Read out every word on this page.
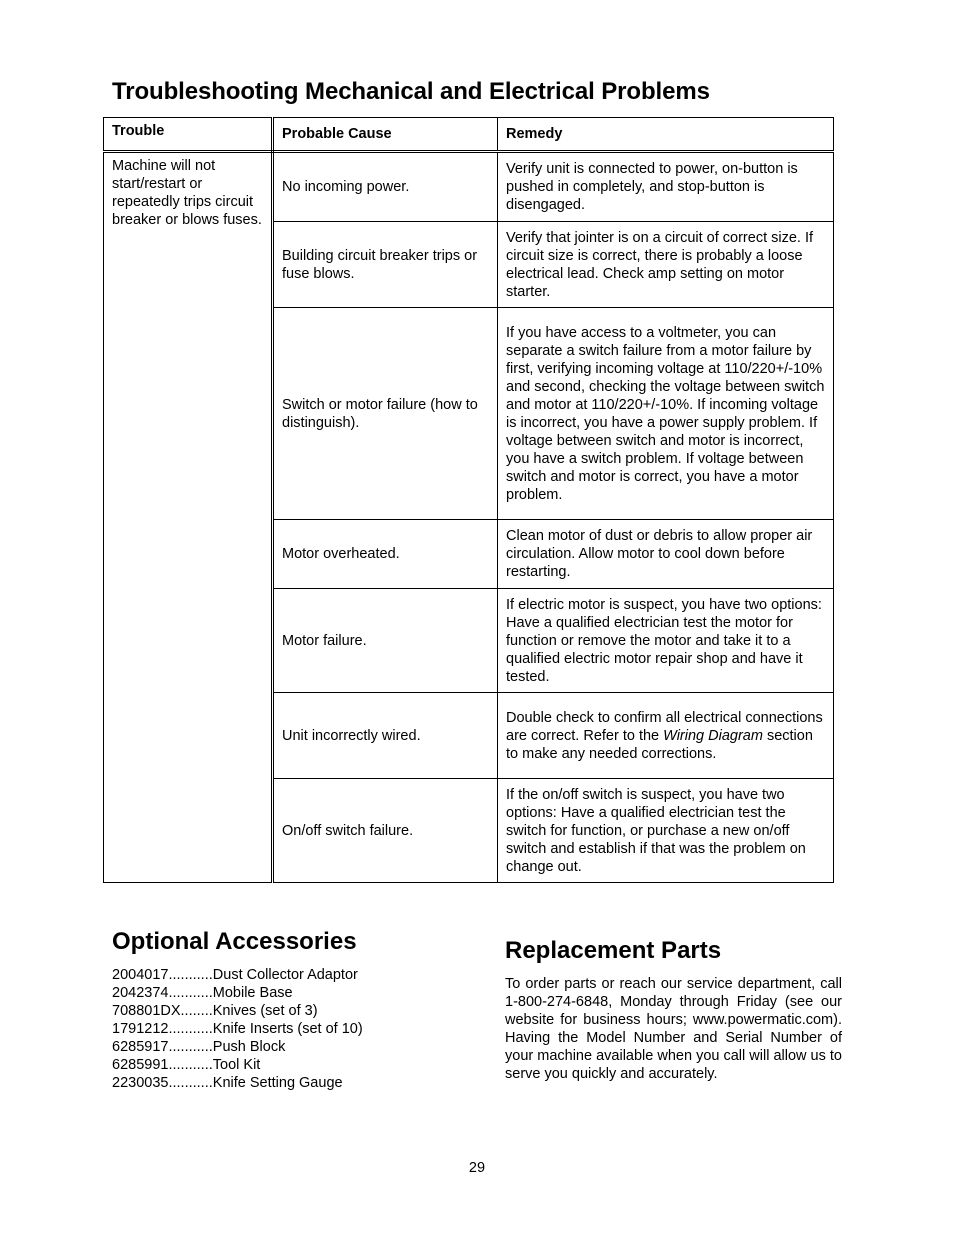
Troubleshooting Mechanical and Electrical Problems
Trouble	Probable Cause	Remedy
Machine will not start/restart or repeatedly trips circuit breaker or blows fuses.	No incoming power.	Verify unit is connected to power, on-button is pushed in completely, and stop-button is disengaged.
	Building circuit breaker trips or fuse blows.	Verify that jointer is on a circuit of correct size. If circuit size is correct, there is probably a loose electrical lead. Check amp setting on motor starter.
	Switch or motor failure (how to distinguish).	If you have access to a voltmeter, you can separate a switch failure from a motor failure by first, verifying incoming voltage at 110/220+/-10% and second, checking the voltage between switch and motor at 110/220+/-10%. If incoming voltage is incorrect, you have a power supply problem. If voltage between switch and motor is incorrect, you have a switch problem. If voltage between switch and motor is correct, you have a motor problem.
	Motor overheated.	Clean motor of dust or debris to allow proper air circulation. Allow motor to cool down before restarting.
	Motor failure.	If electric motor is suspect, you have two options: Have a qualified electrician test the motor for function or remove the motor and take it to a qualified electric motor repair shop and have it tested.
	Unit incorrectly wired.	Double check to confirm all electrical connections are correct. Refer to the Wiring Diagram section to make any needed corrections.
	On/off switch failure.	If the on/off switch is suspect, you have two options: Have a qualified electrician test the switch for function, or purchase a new on/off switch and establish if that was the problem on change out.
Optional Accessories
2004017...........Dust Collector Adaptor
2042374...........Mobile Base
708801DX........Knives (set of 3)
1791212...........Knife Inserts (set of 10)
6285917...........Push Block
6285991...........Tool Kit
2230035...........Knife Setting Gauge
Replacement Parts

To order parts or reach our service department, call 1-800-274-6848, Monday through Friday (see our website for business hours; www.powermatic.com). Having the Model Number and Serial Number of your machine available when you call will allow us to serve you quickly and accurately.

29
